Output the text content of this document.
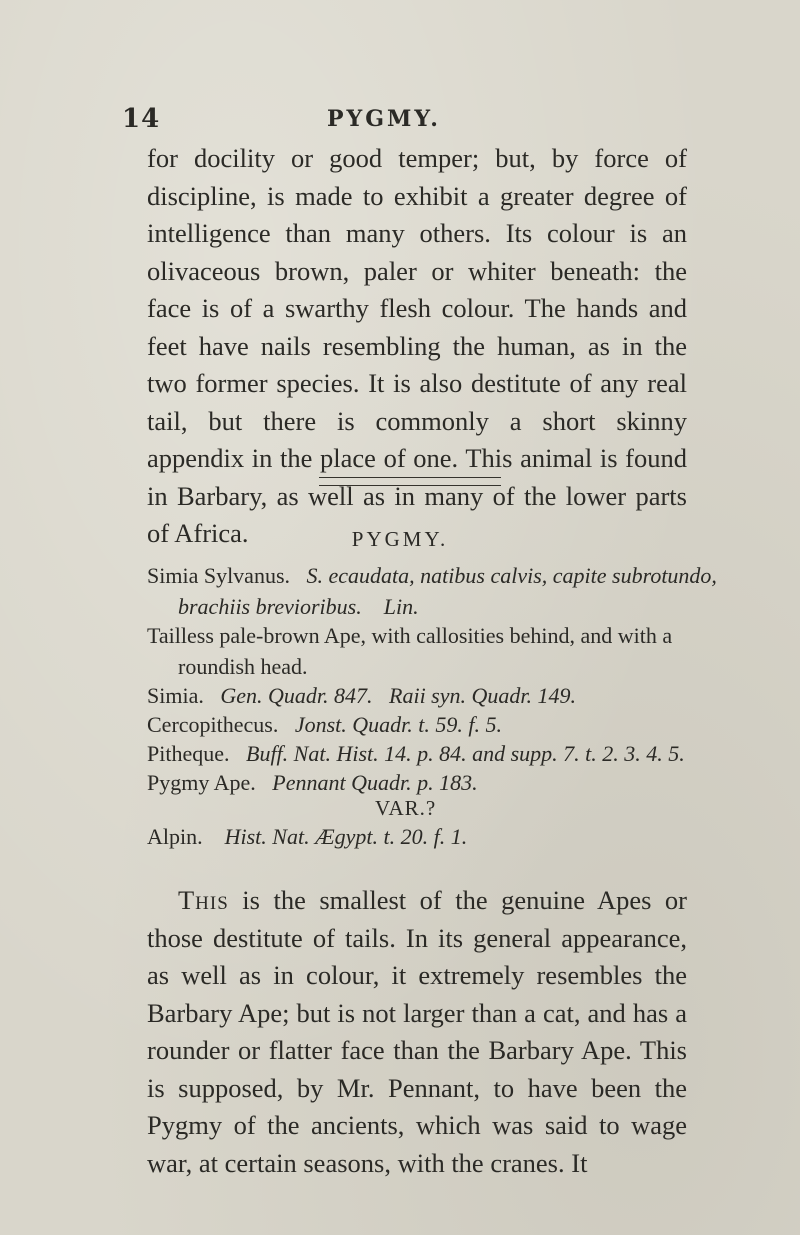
14	PYGMY.

for docility or good temper; but, by force of discipline, is made to exhibit a greater degree of intelligence than many others. Its colour is an olivaceous brown, paler or whiter beneath: the face is of a swarthy flesh colour. The hands and feet have nails resembling the human, as in the two former species. It is also destitute of any real tail, but there is commonly a short skinny appendix in the place of one. This animal is found in Barbary, as well as in many of the lower parts of Africa.	PYGMY.
Simia Sylvanus. S. ecaudata, natibus calvis, capite subrotundo,
brachiis brevioribus. Lin.
Tailless pale-brown Ape, with callosities behind, and with a
roundish head.
Simia. Gen. Quadr. 847. Raii syn. Quadr. 149.
Cercopithecus. Jonst. Quadr. t. 59. f. 5.
Pitheque. Buff. Nat. Hist. 14. p. 84. and supp. 7. t. 2. 3. 4. 5.
Pygmy Ape. Pennant Quadr. p. 183.
VAR.?
Alpin. Hist. Nat. Ægypt. t. 20. f. 1.

This is the smallest of the genuine Apes or those destitute of tails. In its general appearance, as well as in colour, it extremely resembles the Barbary Ape; but is not larger than a cat, and has a rounder or flatter face than the Barbary Ape. This is supposed, by Mr. Pennant, to have been the Pygmy of the ancients, which was said to wage war, at certain seasons, with the cranes. It
